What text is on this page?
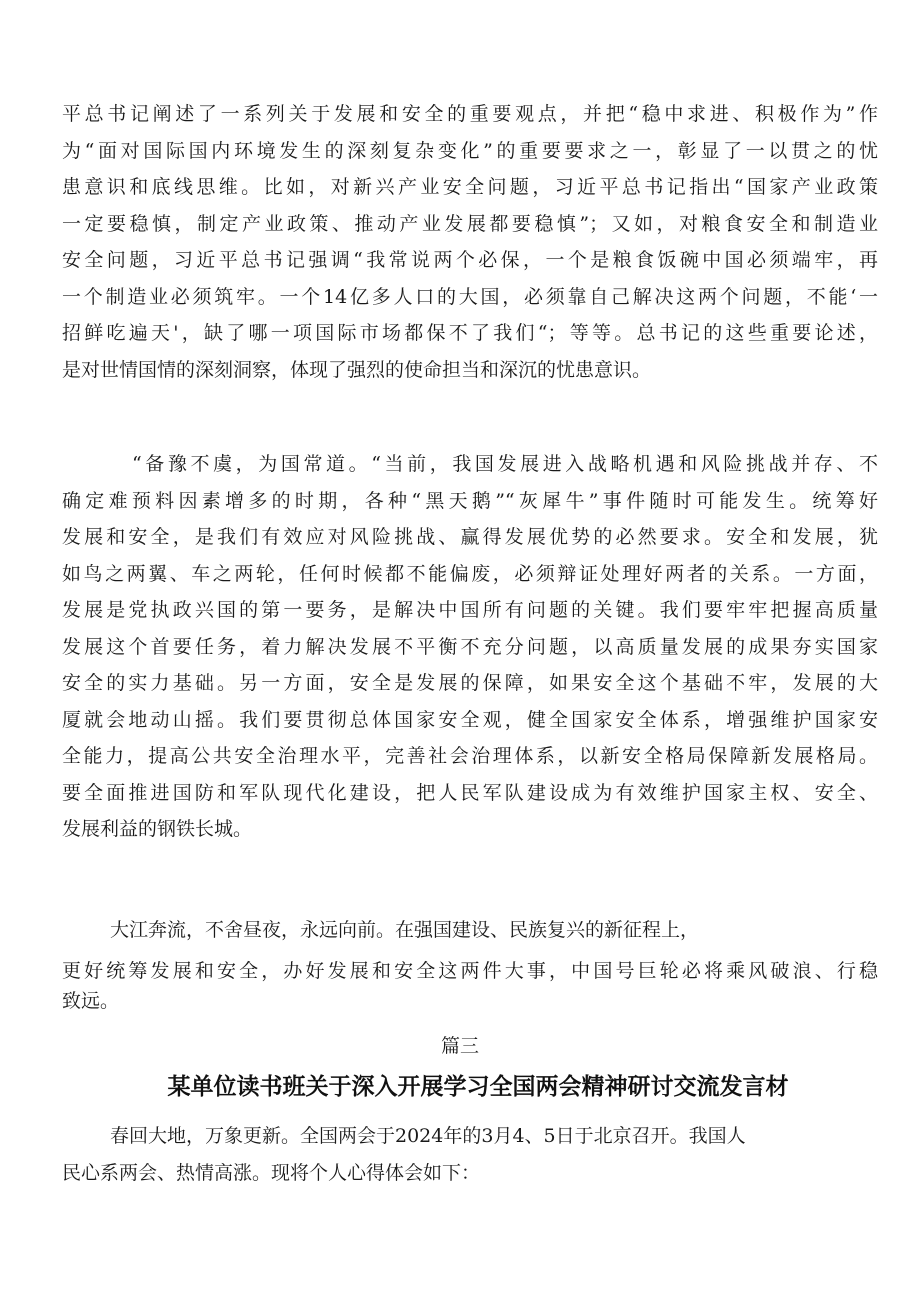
平总书记阐述了一系列关于发展和安全的重要观点，并把“稳中求进、积极作为”作
为“面对国际国内环境发生的深刻复杂变化”的重要要求之一，彰显了一以贯之的忧
患意识和底线思维。比如，对新兴产业安全问题，习近平总书记指出“国家产业政策
一定要稳慎，制定产业政策、推动产业发展都要稳慎”；又如，对粮食安全和制造业
安全问题，习近平总书记强调“我常说两个必保，一个是粮食饭碗中国必须端牢，再
一个制造业必须筑牢。一个14亿多人口的大国，必须靠自己解决这两个问题，不能‘一
招鲜吃遍天'，缺了哪一项国际市场都保不了我们“；等等。总书记的这些重要论述，
是对世情国情的深刻洞察，体现了强烈的使命担当和深沉的忧患意识。
“备豫不虞，为国常道。“当前，我国发展进入战略机遇和风险挑战并存、不
确定难预料因素增多的时期，各种“黑天鹅”“灰犀牛”事件随时可能发生。统筹好
发展和安全，是我们有效应对风险挑战、赢得发展优势的必然要求。安全和发展，犹
如鸟之两翼、车之两轮，任何时候都不能偏废，必须辩证处理好两者的关系。一方面，
发展是党执政兴国的第一要务，是解决中国所有问题的关键。我们要牢牢把握高质量
发展这个首要任务，着力解决发展不平衡不充分问题，以高质量发展的成果夯实国家
安全的实力基础。另一方面，安全是发展的保障，如果安全这个基础不牢，发展的大
厦就会地动山摇。我们要贯彻总体国家安全观，健全国家安全体系，增强维护国家安
全能力，提高公共安全治理水平，完善社会治理体系，以新安全格局保障新发展格局。
要全面推进国防和军队现代化建设，把人民军队建设成为有效维护国家主权、安全、
发展利益的钢铁长城。
大江奔流，不舍昼夜，永远向前。在强国建设、民族复兴的新征程上，
更好统筹发展和安全，办好发展和安全这两件大事，中国号巨轮必将乘风破浪、行稳
致远。
篇三
某单位读书班关于深入开展学习全国两会精神研讨交流发言材
春回大地，万象更新。全国两会于2024年的3月4、5日于北京召开。我国人
民心系两会、热情高涨。现将个人心得体会如下：
